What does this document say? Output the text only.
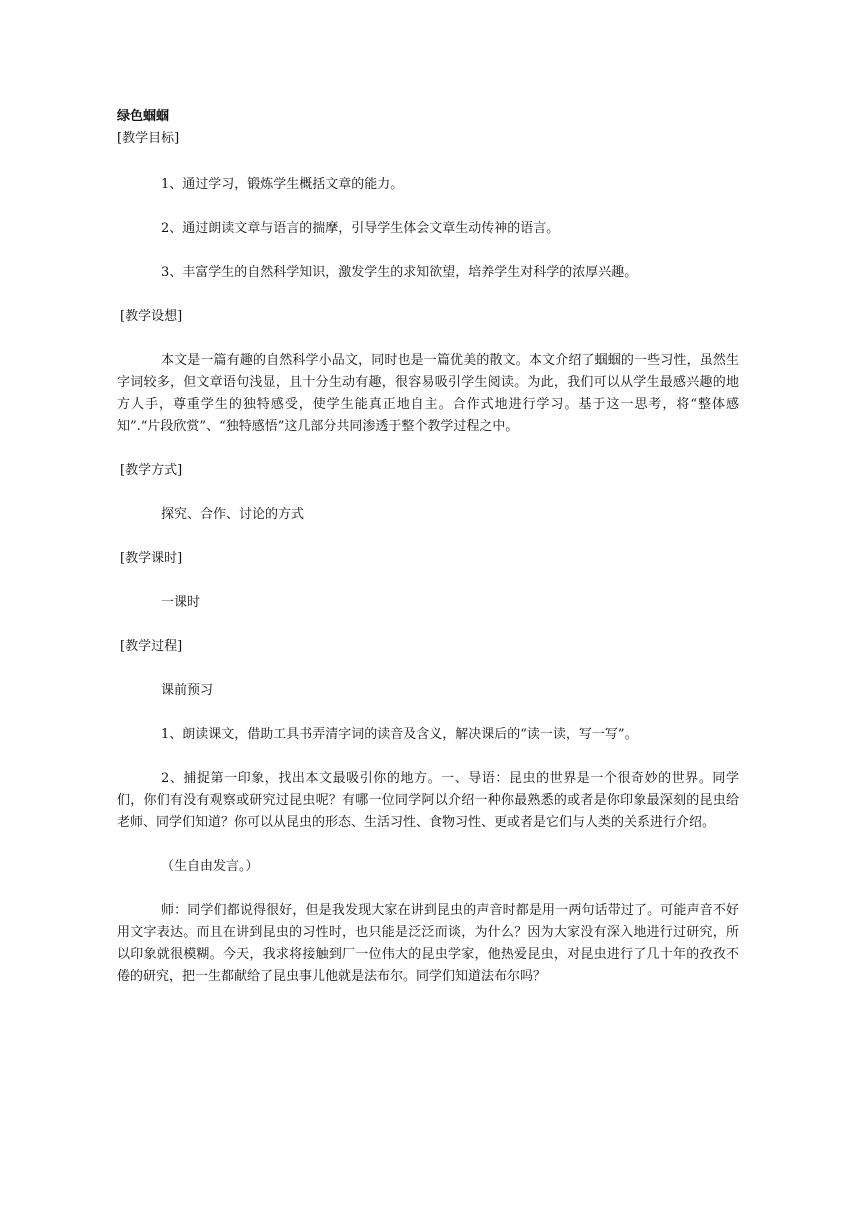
绿色蝈蝈

[教学目标]

1、通过学习，锻炼学生概括文章的能力。

2、通过朗读文章与语言的揣摩，引导学生体会文章生动传神的语言。

3、丰富学生的自然科学知识，激发学生的求知欲望，培养学生对科学的浓厚兴趣。

[教学设想]

本文是一篇有趣的自然科学小品文，同时也是一篇优美的散文。本文介绍了蝈蝈的一些习性，虽然生字词较多，但文章语句浅显，且十分生动有趣，很容易吸引学生阅读。为此，我们可以从学生最感兴趣的地方人手，尊重学生的独特感受，使学生能真正地自主。合作式地进行学习。基于这一思考，将“整体感知”.“片段欣赏”、“独特感悟”这几部分共同渗透于整个教学过程之中。

[教学方式]

探究、合作、讨论的方式

[教学课时]

一课时

[教学过程]

课前预习

1、朗读课文，借助工具书弄清字词的读音及含义，解决课后的“读一读，写一写”。

2、捕捉第一印象，找出本文最吸引你的地方。一、导语：昆虫的世界是一个很奇妙的世界。同学们，你们有没有观察或研究过昆虫呢？有哪一位同学阿以介绍一种你最熟悉的或者是你印象最深刻的昆虫给老师、同学们知道？你可以从昆虫的形态、生活习性、食物习性、更或者是它们与人类的关系进行介绍。

（生自由发言。）

师：同学们都说得很好，但是我发现大家在讲到昆虫的声音时都是用一两句话带过了。可能声音不好用文字表达。而且在讲到昆虫的习性时，也只能是泛泛而谈，为什么？因为大家没有深入地进行过研究，所以印象就很模糊。今天，我求将接触到厂一位伟大的昆虫学家，他热爱昆虫，对昆虫进行了几十年的孜孜不倦的研究，把一生都献给了昆虫事儿他就是法布尔。同学们知道法布尔吗？
